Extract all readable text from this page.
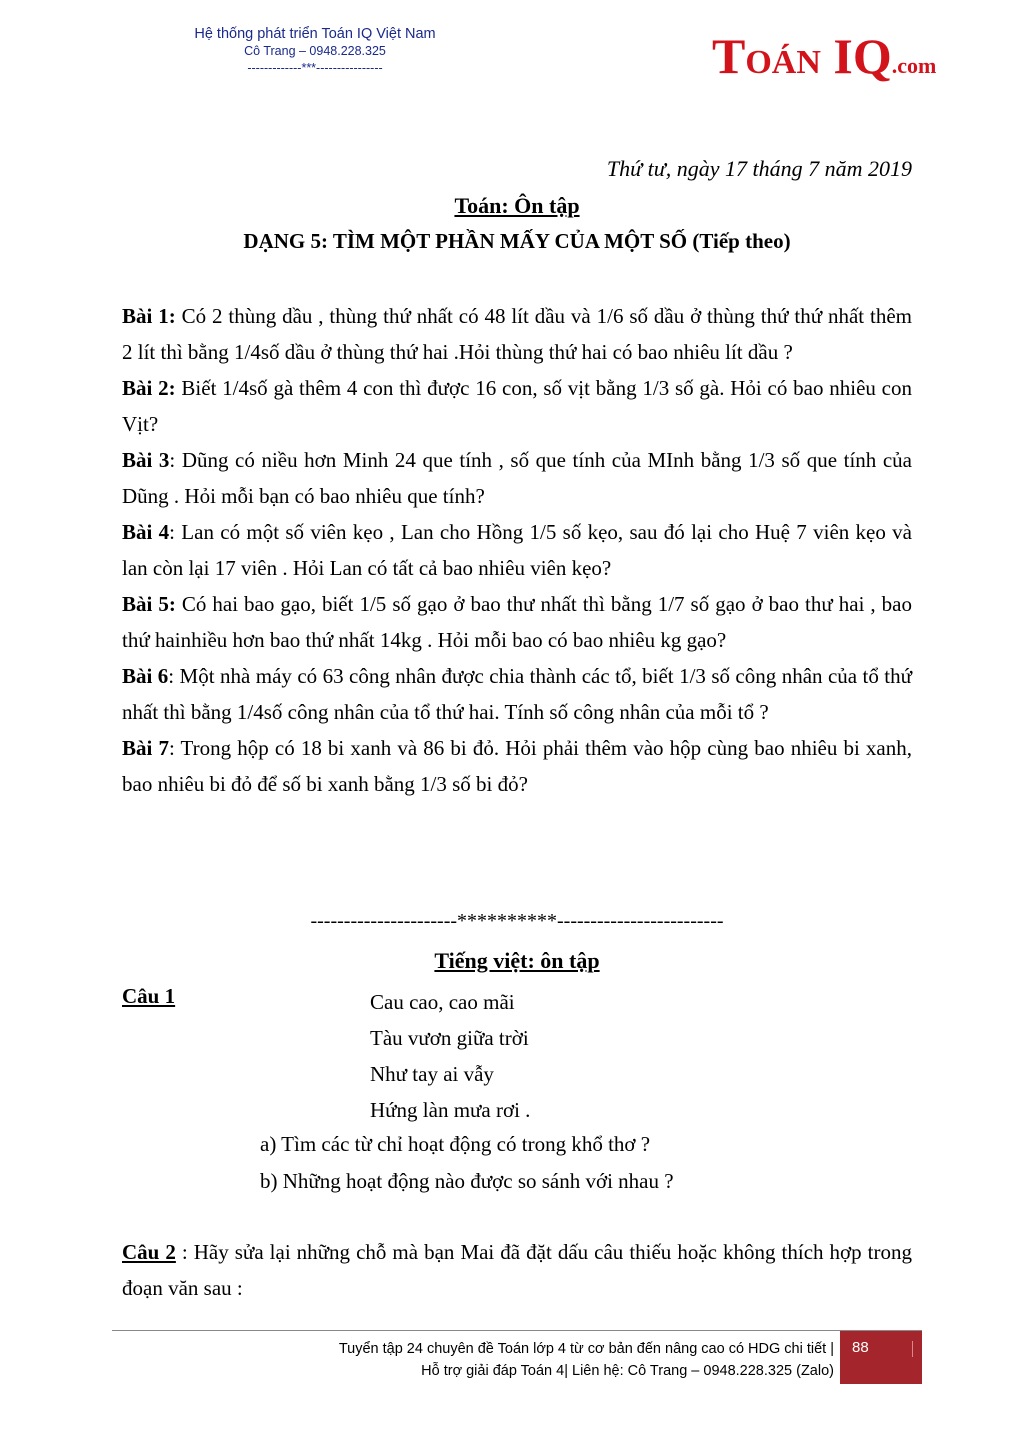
Hệ thống phát triển Toán IQ Việt Nam
Cô Trang – 0948.228.325
-------------***----------------	TOÁN IQ.com
Thứ tư, ngày 17 tháng 7 năm 2019
Toán: Ôn tập
DẠNG 5: TÌM MỘT PHẦN MẤY CỦA MỘT SỐ (Tiếp theo)

Bài 1: Có 2 thùng dầu , thùng thứ nhất có 48 lít dầu và 1/6 số dầu ở thùng thứ thứ nhất thêm 2 lít thì bằng 1/4số dầu ở thùng thứ hai .Hỏi thùng thứ hai có bao nhiêu lít dầu ?

Bài 2: Biết 1/4số gà thêm 4 con thì được 16 con, số vịt bằng 1/3 số gà. Hỏi có bao nhiêu con Vịt?

Bài 3: Dũng có niều hơn Minh 24 que tính , số que tính của MInh bằng 1/3 số que tính của Dũng . Hỏi mỗi bạn có bao nhiêu que tính?

Bài 4: Lan có một số viên kẹo , Lan cho Hồng 1/5 số kẹo, sau đó lại cho Huệ 7 viên kẹo và lan còn lại 17 viên . Hỏi Lan có tất cả bao nhiêu viên kẹo?

Bài 5: Có hai bao gạo, biết 1/5 số gạo ở bao thư nhất thì bằng 1/7 số gạo ở bao thư hai , bao thứ hainhiều hơn bao thứ nhất 14kg . Hỏi mỗi bao có bao nhiêu kg gạo?

Bài 6: Một nhà máy có 63 công nhân được chia thành các tổ, biết 1/3 số công nhân của tổ thứ nhất thì bằng 1/4số công nhân của tổ thứ hai. Tính số công nhân của mỗi tổ ?

Bài 7: Trong hộp có 18 bi xanh và 86 bi đỏ. Hỏi phải thêm vào hộp cùng bao nhiêu bi xanh, bao nhiêu bi đỏ để số bi xanh bằng 1/3 số bi đỏ?

----------------------**********-------------------------
Tiếng việt: ôn tập
Câu 1	Cau cao, cao mãi
Tàu vươn giữa trời
Như tay ai vẫy
Hứng làn mưa rơi .
a) Tìm các từ chỉ hoạt động có trong khổ thơ ?
b) Những hoạt động nào được so sánh với nhau ?
Câu 2 : Hãy sửa lại những chỗ mà bạn Mai đã đặt dấu câu thiếu hoặc không thích hợp trong đoạn văn sau :
Tuyển tập 24 chuyên đề Toán lớp 4 từ cơ bản đến nâng cao có HDG chi tiết |
Hỗ trợ giải đáp Toán 4| Liên hệ: Cô Trang – 0948.228.325 (Zalo)
88
